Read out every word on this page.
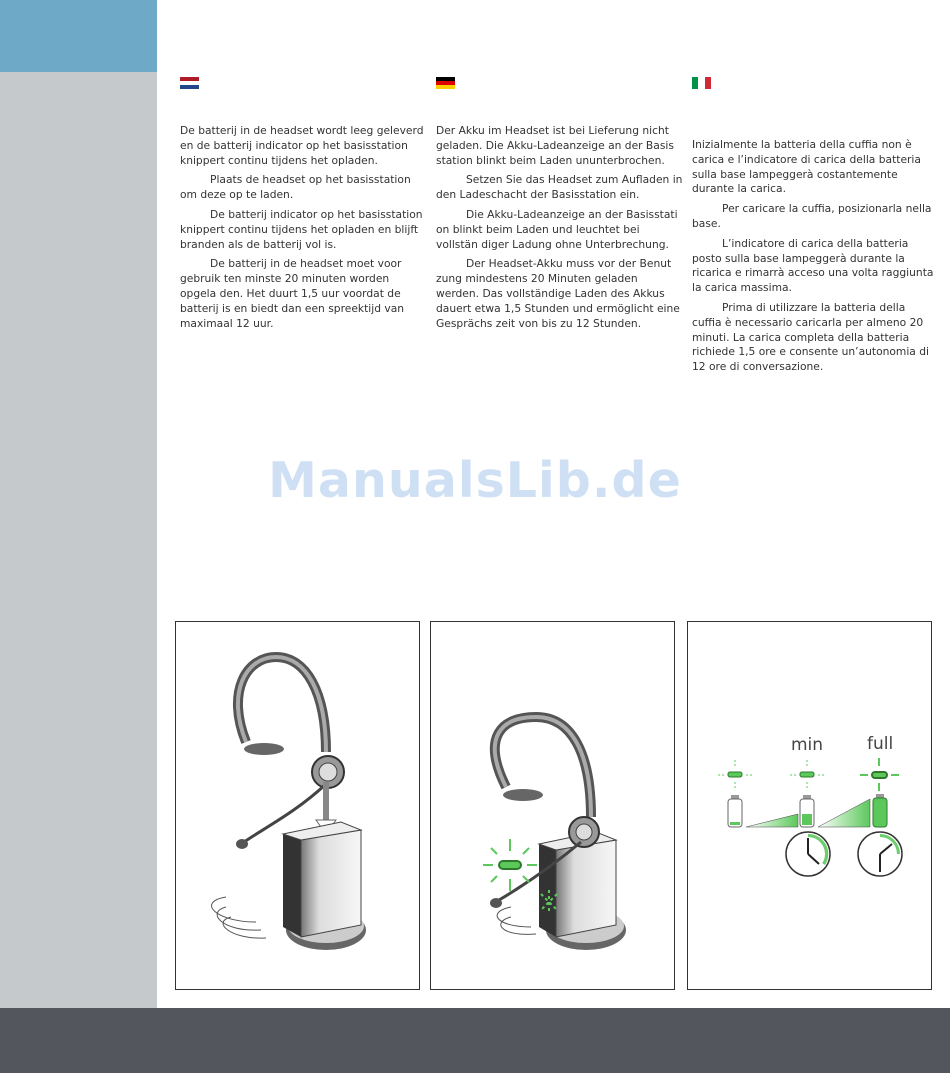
De batterij in de headset wordt leeg geleverd en de batterij indicator op het basisstation knippert continu tijdens het opladen.

Plaats de headset op het basisstation om deze op te laden.

De batterij indicator op het basisstation knippert continu tijdens het opladen en blijft branden als de batterij vol is.

De batterij in de headset moet voor gebruik ten minste 20 minuten worden opgela den. Het duurt 1,5 uur voordat de batterij is en biedt dan een spreektijd van maximaal 12 uur.

Der Akku im Headset ist bei Lieferung nicht geladen. Die Akku-Ladeanzeige an der Basis station blinkt beim Laden ununterbrochen.

Setzen Sie das Headset zum Aufladen in den Ladeschacht der Basisstation ein.

Die Akku-Ladeanzeige an der Basisstati on blinkt beim Laden und leuchtet bei vollstän diger Ladung ohne Unterbrechung.

Der Headset-Akku muss vor der Benut zung mindestens 20 Minuten geladen werden. Das vollständige Laden des Akkus dauert etwa 1,5 Stunden und ermöglicht eine Gesprächs zeit von bis zu 12 Stunden.

Inizialmente la batteria della cuffia non è carica e l’indicatore di carica della batteria sulla base lampeggerà costantemente durante la carica.

Per caricare la cuffia, posizionarla nella base.

L’indicatore di carica della batteria posto sulla base lampeggerà durante la ricarica e rimarrà acceso una volta raggiunta la carica massima.

Prima di utilizzare la batteria della cuffia è necessario caricarla per almeno 20 minuti. La carica completa della batteria richiede 1,5 ore e consente un’autonomia di 12 ore di conversazione.

ManualsLib.de
min	full
